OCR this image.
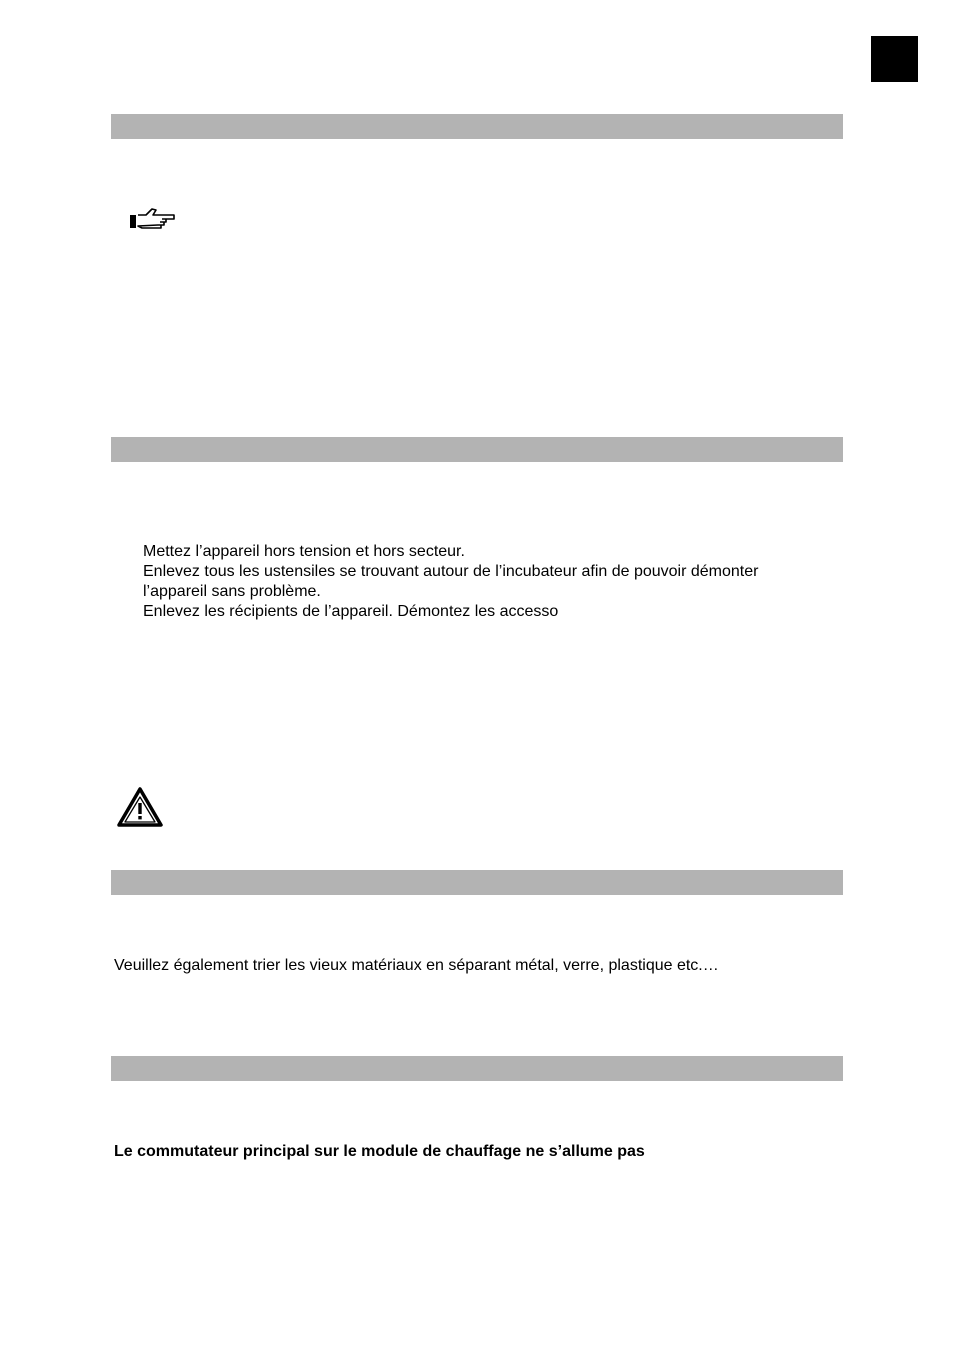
Mettez l’appareil hors tension et hors secteur.
Enlevez tous les ustensiles se trouvant autour de l’incubateur afin de pouvoir démonter
l’appareil sans problème.
Enlevez les récipients de l’appareil. Démontez les accesso
Veuillez également trier les vieux matériaux en séparant métal, verre, plastique etc.…
Le commutateur principal sur le module de chauffage ne s’allume pas
